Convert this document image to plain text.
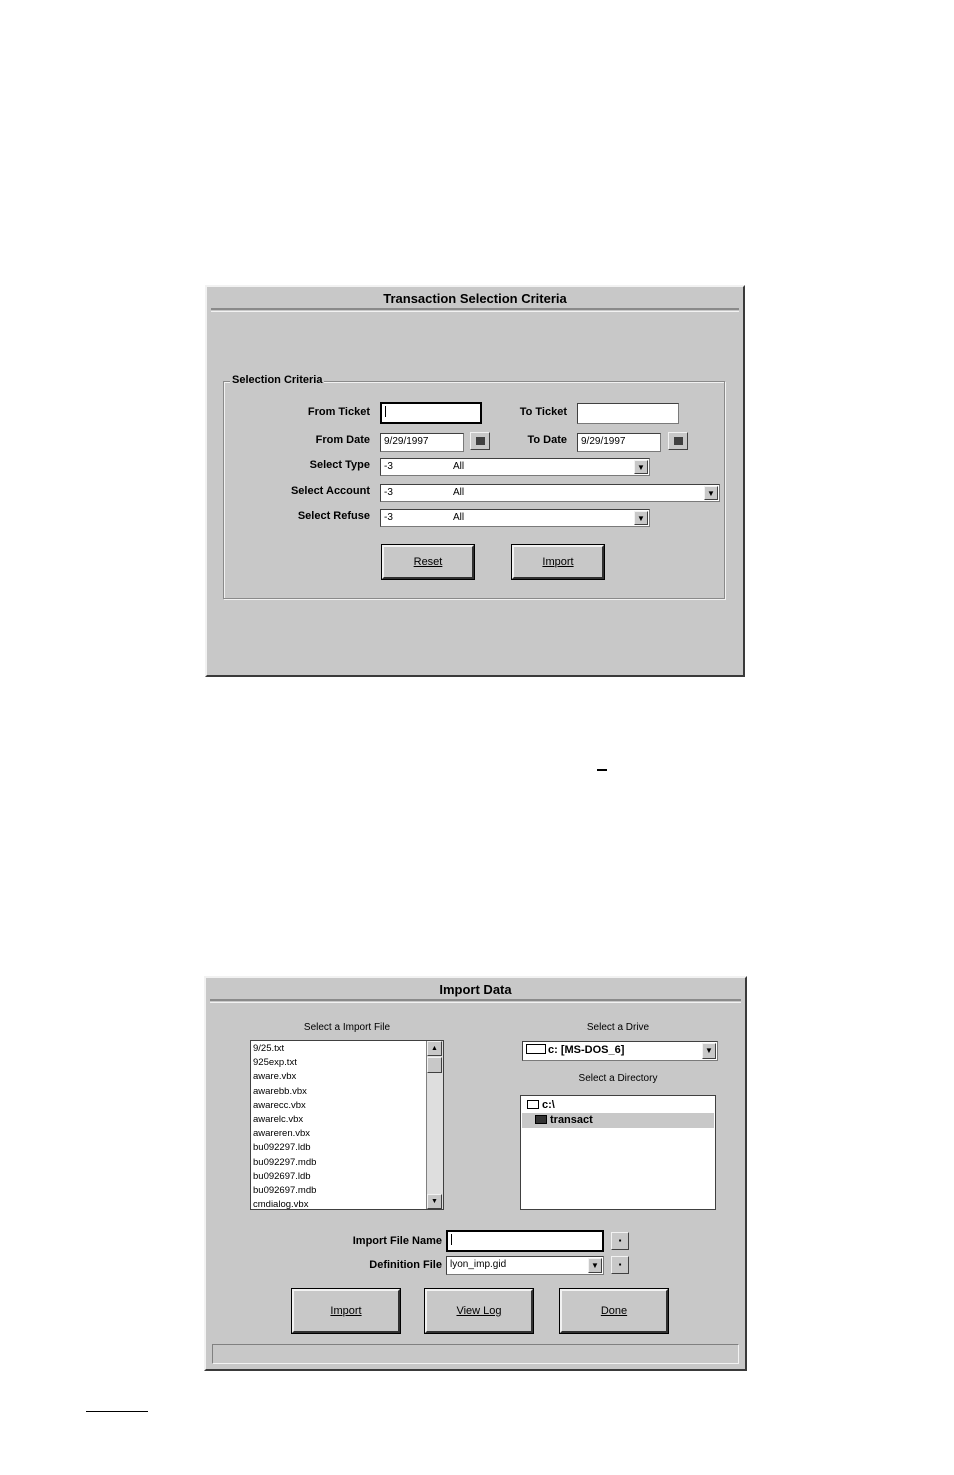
Transaction Selection Criteria
Selection Criteria
From Ticket	To Ticket
From Date	9/29/1997	To Date	9/29/1997
Select Type	-3	All	▼
Select Account	-3	All	▼
Select Refuse	-3	All	▼
Reset	Import
Import Data
Select a Import File
9/25.txt
925exp.txt
aware.vbx
awarebb.vbx
awarecc.vbx
awarelc.vbx
awareren.vbx
bu092297.ldb
bu092297.mdb
bu092697.ldb
bu092697.mdb
cmdialog.vbx
▲
▼
Select a Drive
c: [MS-DOS_6]	▼
Select a Directory
c:\
transact
Import File Name	▪
Definition File lyon_imp.gid	▼	▪
Import	View Log	Done
